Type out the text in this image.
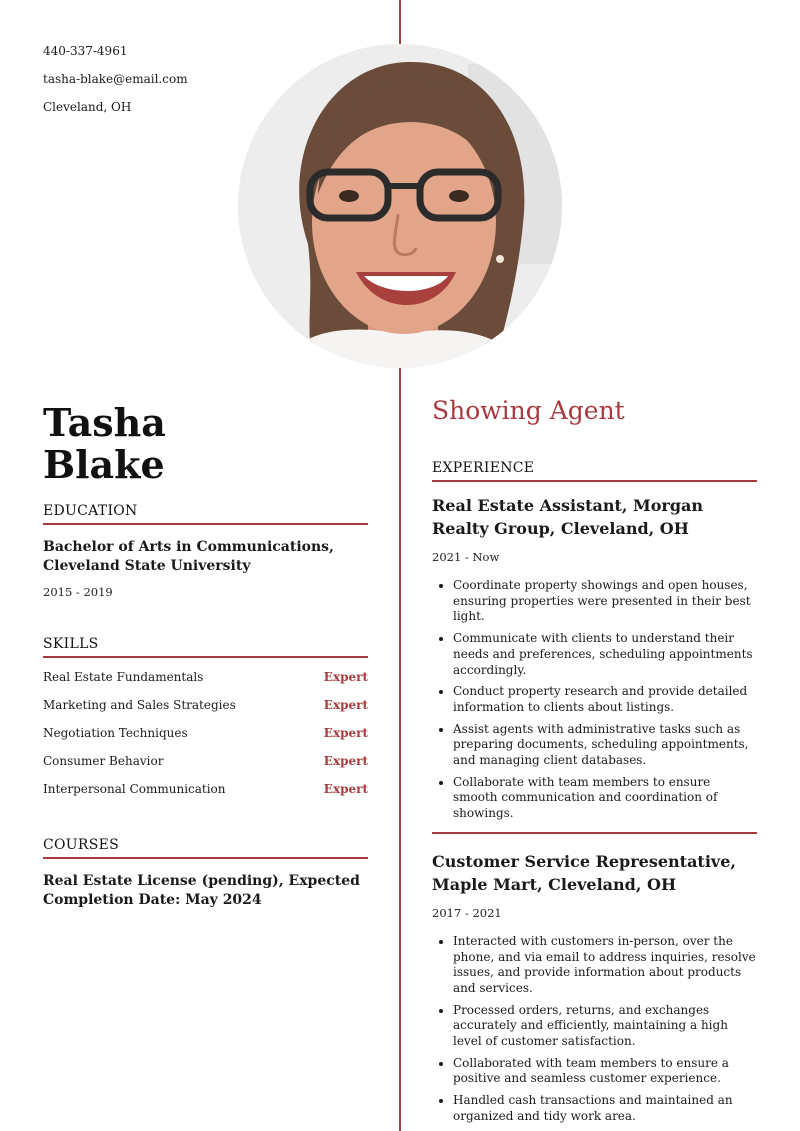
440-337-4961
tasha-blake@email.com
Cleveland, OH
Tasha
Blake
EDUCATION
Bachelor of Arts in Communications, Cleveland State University
2015 - 2019
SKILLS
Real Estate Fundamentals	Expert
Marketing and Sales Strategies	Expert
Negotiation Techniques	Expert
Consumer Behavior	Expert
Interpersonal Communication	Expert
COURSES
Real Estate License (pending), Expected Completion Date: May 2024
Showing Agent
EXPERIENCE
Real Estate Assistant, Morgan Realty Group, Cleveland, OH
2021 - Now
• Coordinate property showings and open houses, ensuring properties were presented in their best light.
• Communicate with clients to understand their needs and preferences, scheduling appointments accordingly.
• Conduct property research and provide detailed information to clients about listings.
• Assist agents with administrative tasks such as preparing documents, scheduling appointments, and managing client databases.
• Collaborate with team members to ensure smooth communication and coordination of showings.
Customer Service Representative, Maple Mart, Cleveland, OH
2017 - 2021
• Interacted with customers in-person, over the phone, and via email to address inquiries, resolve issues, and provide information about products and services.
• Processed orders, returns, and exchanges accurately and efficiently, maintaining a high level of customer satisfaction.
• Collaborated with team members to ensure a positive and seamless customer experience.
• Handled cash transactions and maintained an organized and tidy work area.
